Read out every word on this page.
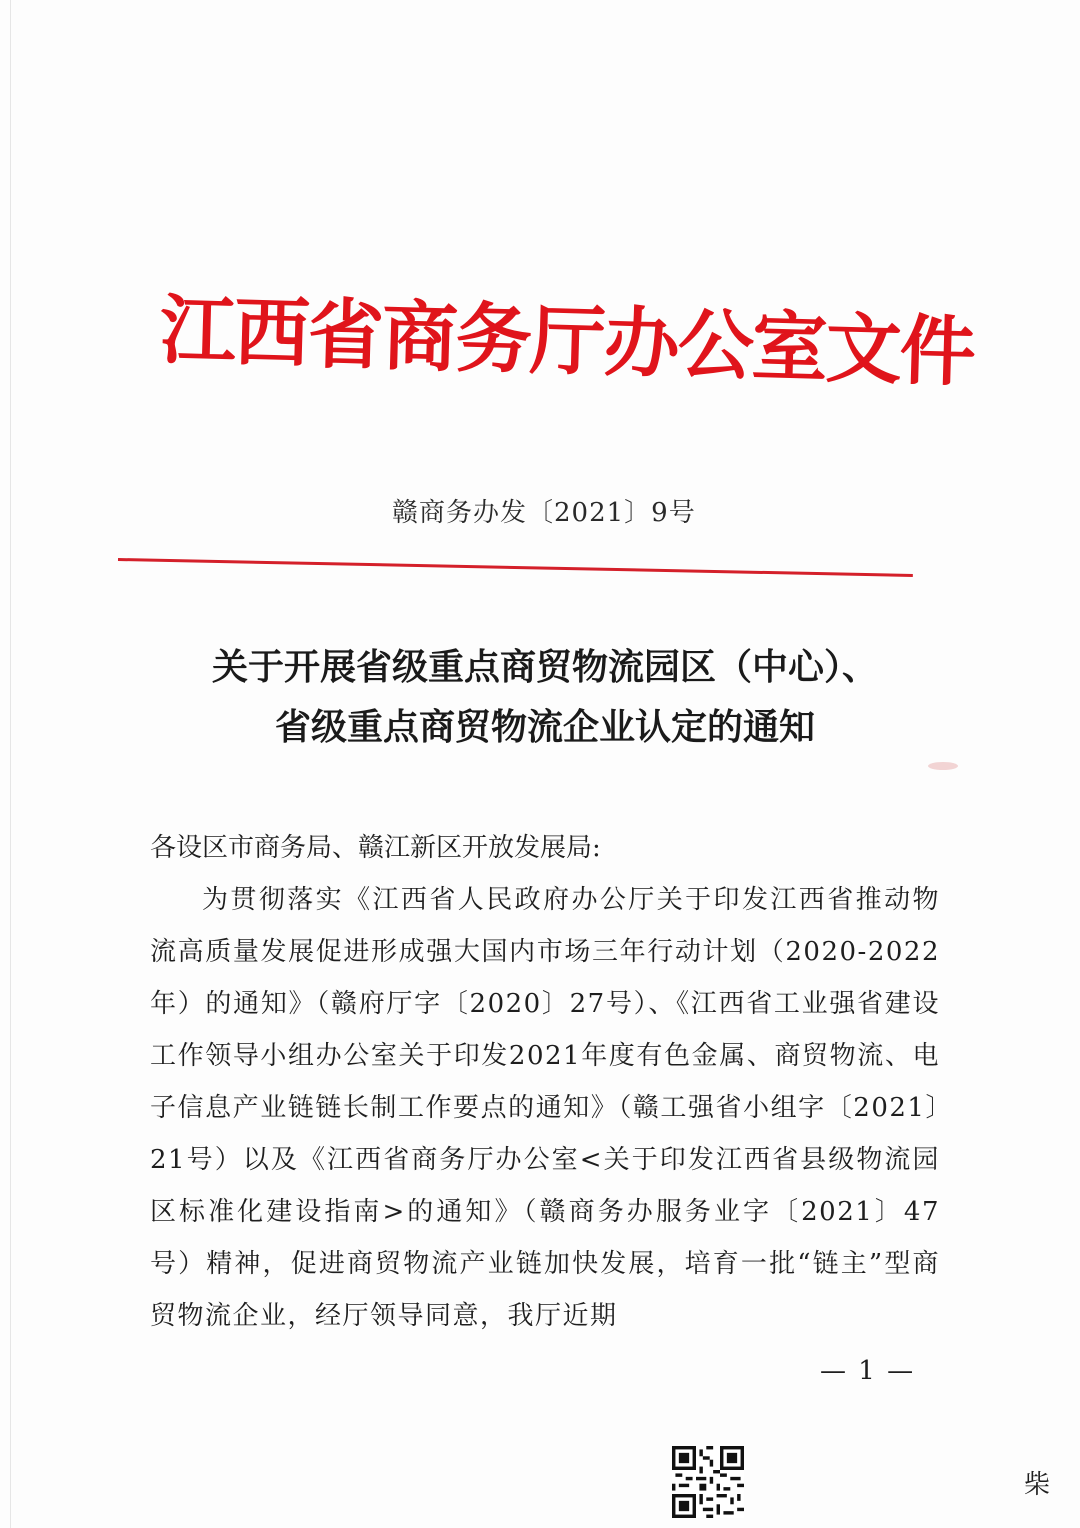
江西省商务厅办公室文件
赣商务办发〔2021〕9号
关于开展省级重点商贸物流园区（中心）、
省级重点商贸物流企业认定的通知
各设区市商务局、赣江新区开放发展局:
为贯彻落实《江西省人民政府办公厅关于印发江西省推动物流高质量发展促进形成强大国内市场三年行动计划（2020-2022年）的通知》（赣府厅字〔2020〕27号）、《江西省工业强省建设工作领导小组办公室关于印发2021年度有色金属、商贸物流、电子信息产业链链长制工作要点的通知》（赣工强省小组字〔2021〕21号）以及《江西省商务厅办公室<关于印发江西省县级物流园区标准化建设指南>的通知》（赣商务办服务业字〔2021〕47号）精神，促进商贸物流产业链加快发展，培育一批“链主”型商贸物流企业，经厅领导同意，我厅近期
— 1 —
柴
